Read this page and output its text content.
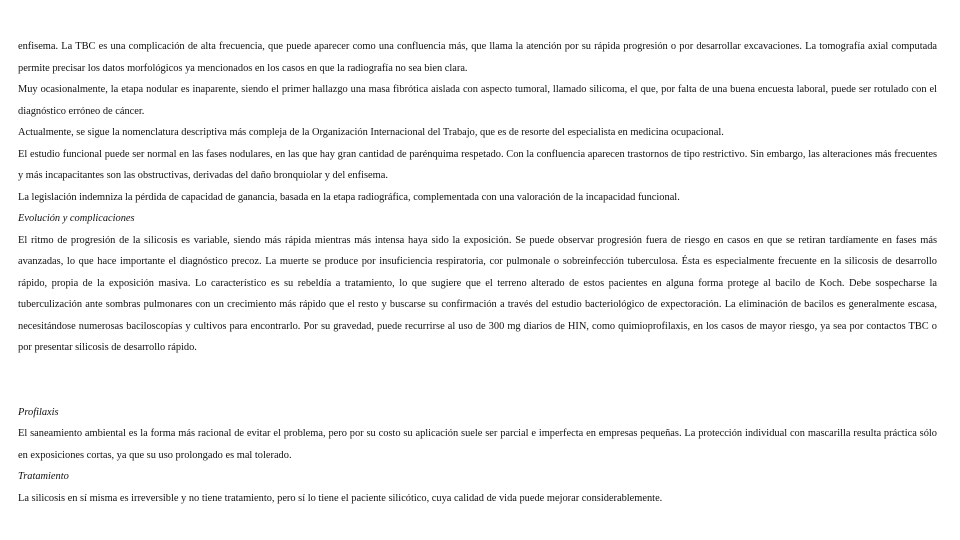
enfisema. La TBC es una complicación de alta frecuencia, que puede aparecer como una confluencia más, que llama la atención por su rápida progresión o por desarrollar excavaciones. La tomografía axial computada permite precisar los datos morfológicos ya mencionados en los casos en que la radiografía no sea bien clara.

Muy ocasionalmente, la etapa nodular es inaparente, siendo el primer hallazgo una masa fibrótica aislada con aspecto tumoral, llamado silicoma, el que, por falta de una buena encuesta laboral, puede ser rotulado con el diagnóstico erróneo de cáncer.

Actualmente, se sigue la nomenclatura descriptiva más compleja de la Organización Internacional del Trabajo, que es de resorte del especialista en medicina ocupacional.

El estudio funcional puede ser normal en las fases nodulares, en las que hay gran cantidad de parénquima respetado. Con la confluencia aparecen trastornos de tipo restrictivo. Sin embargo, las alteraciones más frecuentes y más incapacitantes son las obstructivas, derivadas del daño bronquiolar y del enfisema.

La legislación indemniza la pérdida de capacidad de ganancia, basada en la etapa radiográfica, complementada con una valoración de la incapacidad funcional.

Evolución y complicaciones

El ritmo de progresión de la silicosis es variable, siendo más rápida mientras más intensa haya sido la exposición. Se puede observar progresión fuera de riesgo en casos en que se retiran tardíamente en fases más avanzadas, lo que hace importante el diagnóstico precoz. La muerte se produce por insuficiencia respiratoria, cor pulmonale o sobreinfección tuberculosa. Ésta es especialmente frecuente en la silicosis de desarrollo rápido, propia de la exposición masiva. Lo característico es su rebeldía a tratamiento, lo que sugiere que el terreno alterado de estos pacientes en alguna forma protege al bacilo de Koch. Debe sospecharse la tuberculización ante sombras pulmonares con un crecimiento más rápido que el resto y buscarse su confirmación a través del estudio bacteriológico de expectoración. La eliminación de bacilos es generalmente escasa, necesitándose numerosas baciloscopías y cultivos para encontrarlo. Por su gravedad, puede recurrirse al uso de 300 mg diarios de HIN, como quimioprofilaxis, en los casos de mayor riesgo, ya sea por contactos TBC o por presentar silicosis de desarrollo rápido.

Profilaxis

El saneamiento ambiental es la forma más racional de evitar el problema, pero por su costo su aplicación suele ser parcial e imperfecta en empresas pequeñas. La protección individual con mascarilla resulta práctica sólo en exposiciones cortas, ya que su uso prolongado es mal tolerado.

Tratamiento

La silicosis en sí misma es irreversible y no tiene tratamiento, pero sí lo tiene el paciente silicótico, cuya calidad de vida puede mejorar considerablemente.
